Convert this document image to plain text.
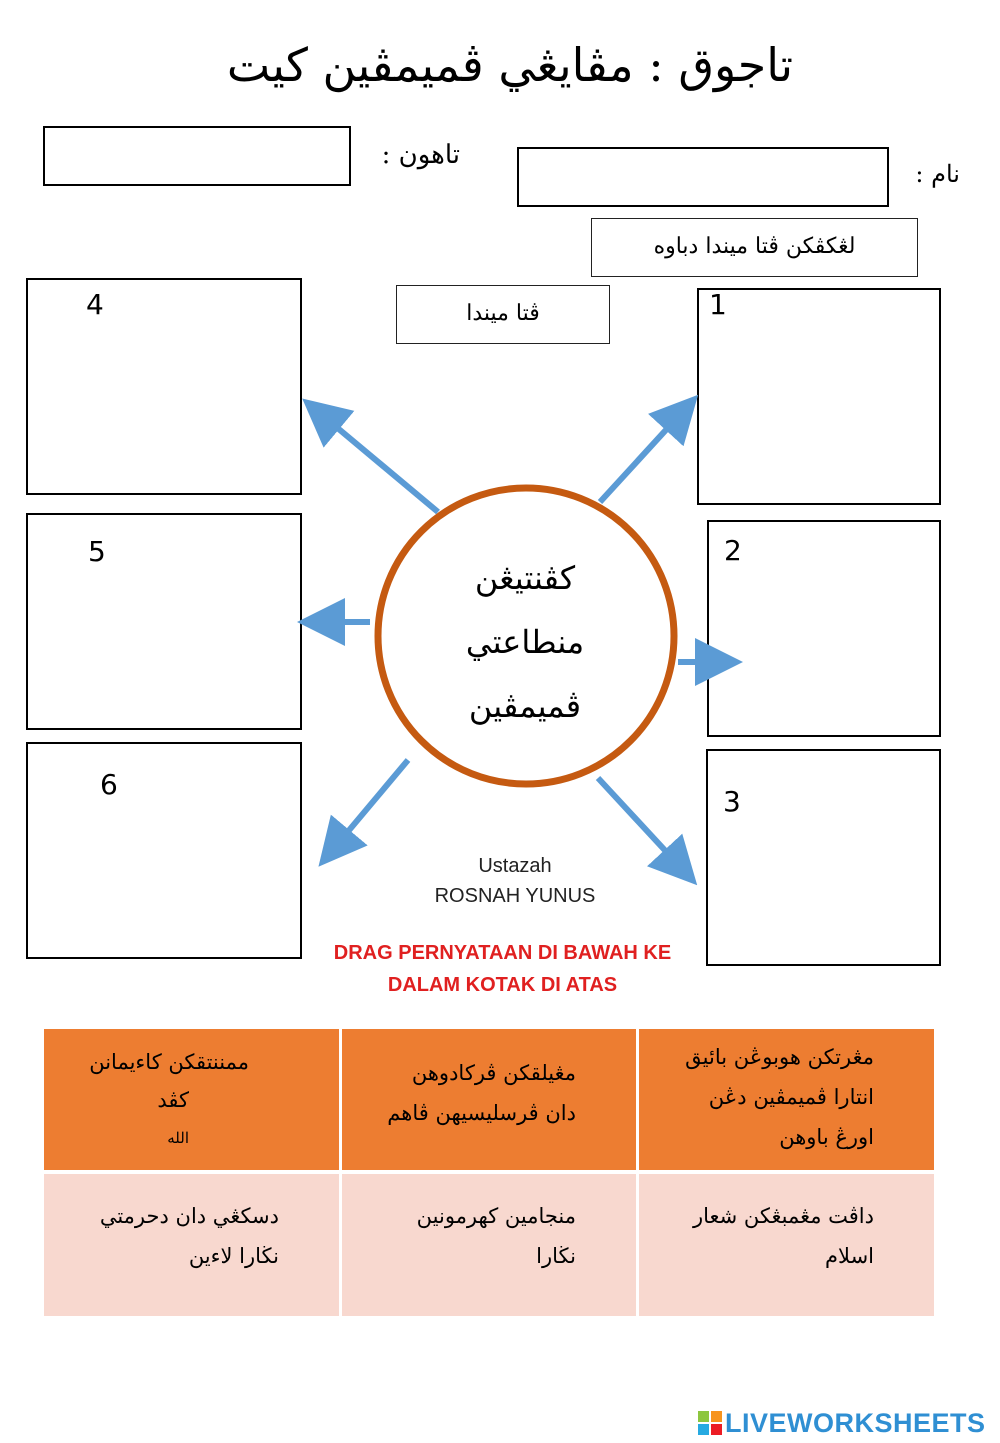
تاجوق : مڤايڠي ڤميمڤين كيت
تاهون :
نام :
لڠكڤكن ڤتا ميندا دباوه
ڤتا ميندا
4
5
6
1
2
3
كڤنتيڠن
منطاعتي
ڤميمڤين
Ustazah
ROSNAH YUNUS
DRAG PERNYATAAN DI BAWAH KE
DALAM KOTAK DI ATAS
مڠرتكن هوبوڠن بائيق
انتارا ڤميمڤين دڠن
اورڠ باوهن
مڠيلقكن ڤركادوهن
دان ڤرسليسيهن ڤاهم
ممننتقكن كاءيمانن
كڤد
الله
داڤت مڠمبڠكن شعار
اسلام
منجامين كهرمونين
نڬارا
دسكڠي دان دحرمتي
نڬارا لاءين
LIVEWORKSHEETS
